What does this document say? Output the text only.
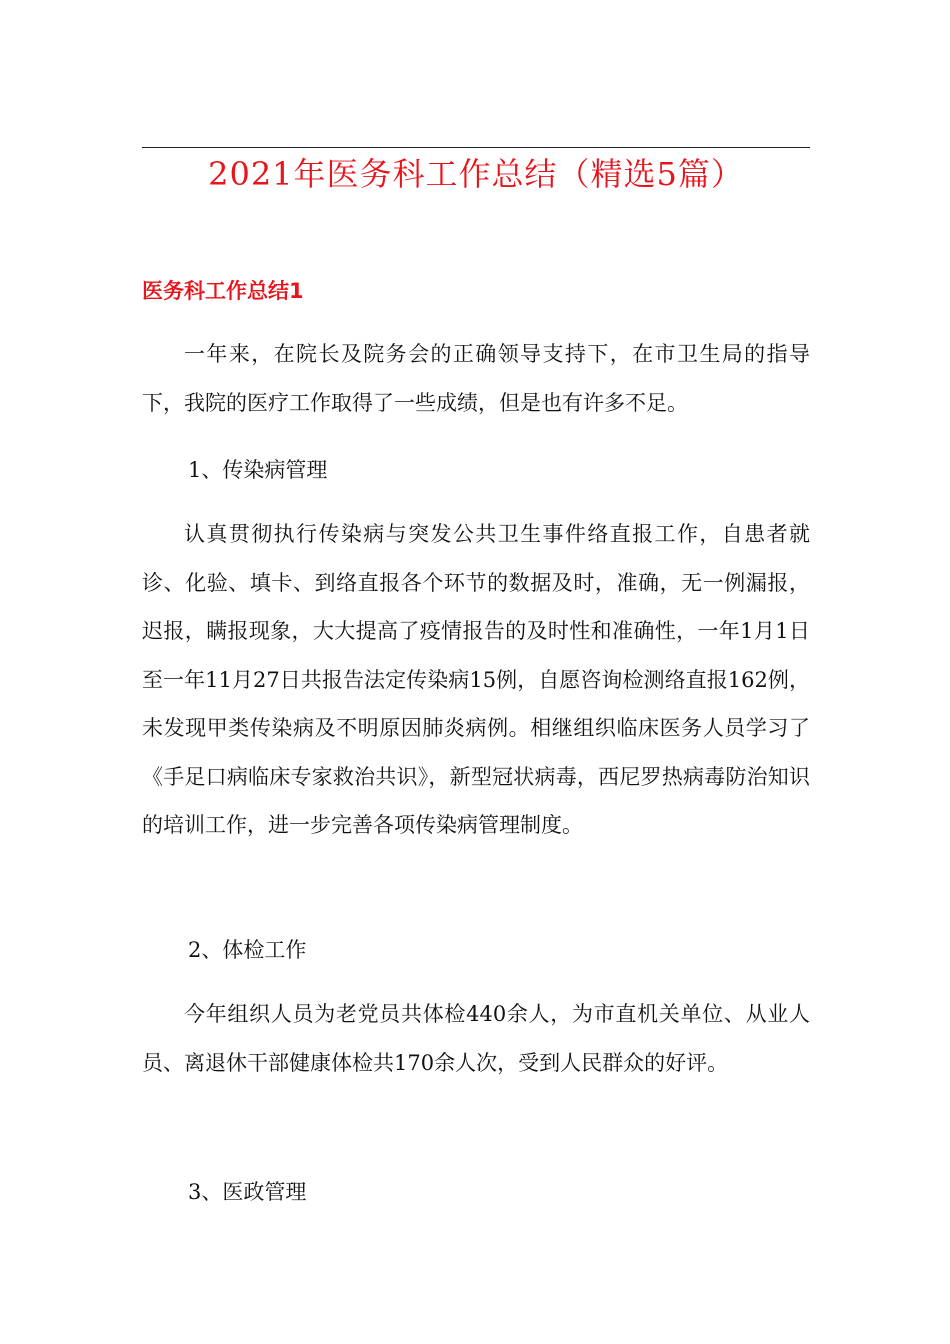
2021年医务科工作总结（精选5篇）
医务科工作总结1

一年来，在院长及院务会的正确领导支持下，在市卫生局的指导下，我院的医疗工作取得了一些成绩，但是也有许多不足。

1、传染病管理

认真贯彻执行传染病与突发公共卫生事件络直报工作，自患者就诊、化验、填卡、到络直报各个环节的数据及时，准确，无一例漏报，迟报，瞒报现象，大大提高了疫情报告的及时性和准确性，一年1月1日至一年11月27日共报告法定传染病15例，自愿咨询检测络直报162例，未发现甲类传染病及不明原因肺炎病例。相继组织临床医务人员学习了《手足口病临床专家救治共识》，新型冠状病毒，西尼罗热病毒防治知识的培训工作，进一步完善各项传染病管理制度。

2、体检工作

今年组织人员为老党员共体检440余人，为市直机关单位、从业人员、离退休干部健康体检共170余人次，受到人民群众的好评。

3、医政管理
